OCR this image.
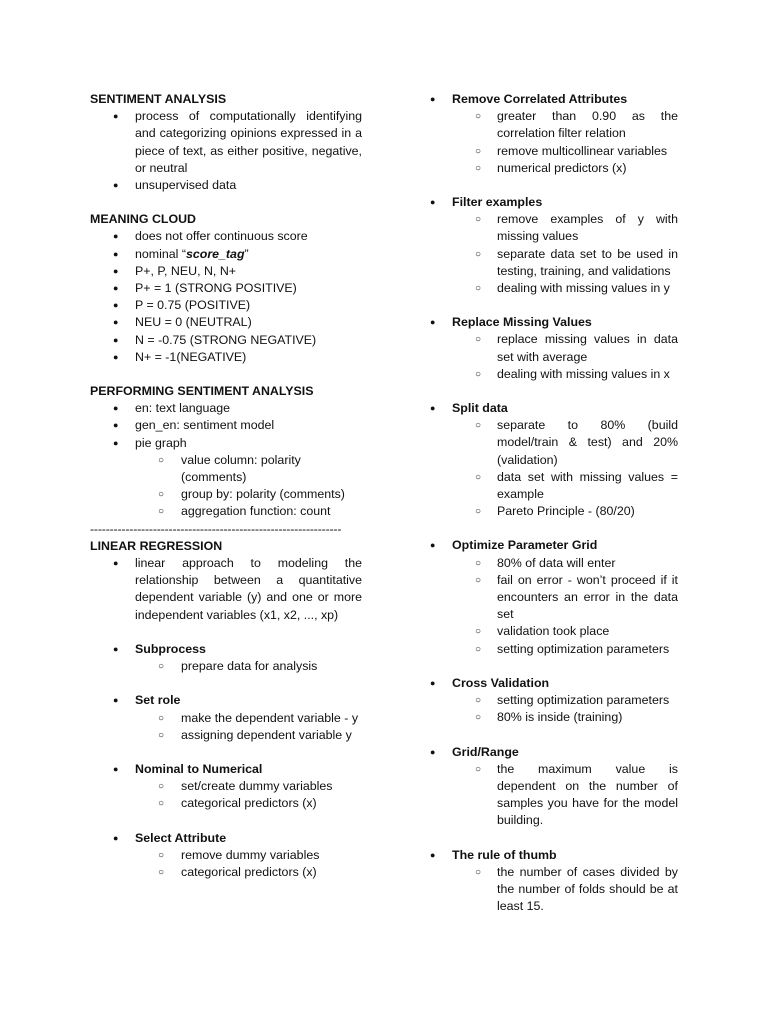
SENTIMENT ANALYSIS
● process of computationally identifying and categorizing opinions expressed in a piece of text, as either positive, negative, or neutral
● unsupervised data
MEANING CLOUD
● does not offer continuous score
● nominal “score_tag”
● P+, P, NEU, N, N+
● P+ = 1 (STRONG POSITIVE)
● P = 0.75 (POSITIVE)
● NEU = 0 (NEUTRAL)
● N = -0.75 (STRONG NEGATIVE)
● N+ = -1(NEGATIVE)
PERFORMING SENTIMENT ANALYSIS
● en: text language
● gen_en: sentiment model
● pie graph
○ value column: polarity (comments)
○ group by: polarity (comments)
○ aggregation function: count
----------------------------------------------------------------
LINEAR REGRESSION
● linear approach to modeling the relationship between a quantitative dependent variable (y) and one or more independent variables (x1, x2, ..., xp)
● Subprocess
○ prepare data for analysis
● Set role
○ make the dependent variable - y
○ assigning dependent variable y
● Nominal to Numerical
○ set/create dummy variables
○ categorical predictors (x)
● Select Attribute
○ remove dummy variables
○ categorical predictors (x)
● Remove Correlated Attributes
○ greater than 0.90 as the correlation filter relation
○ remove multicollinear variables
○ numerical predictors (x)
● Filter examples
○ remove examples of y with missing values
○ separate data set to be used in testing, training, and validations
○ dealing with missing values in y
● Replace Missing Values
○ replace missing values in data set with average
○ dealing with missing values in x
● Split data
○ separate to 80% (build model/train & test) and 20% (validation)
○ data set with missing values = example
○ Pareto Principle - (80/20)
● Optimize Parameter Grid
○ 80% of data will enter
○ fail on error - won’t proceed if it encounters an error in the data set
○ validation took place
○ setting optimization parameters
● Cross Validation
○ setting optimization parameters
○ 80% is inside (training)
● Grid/Range
○ the maximum value is dependent on the number of samples you have for the model building.
● The rule of thumb
○ the number of cases divided by the number of folds should be at least 15.
